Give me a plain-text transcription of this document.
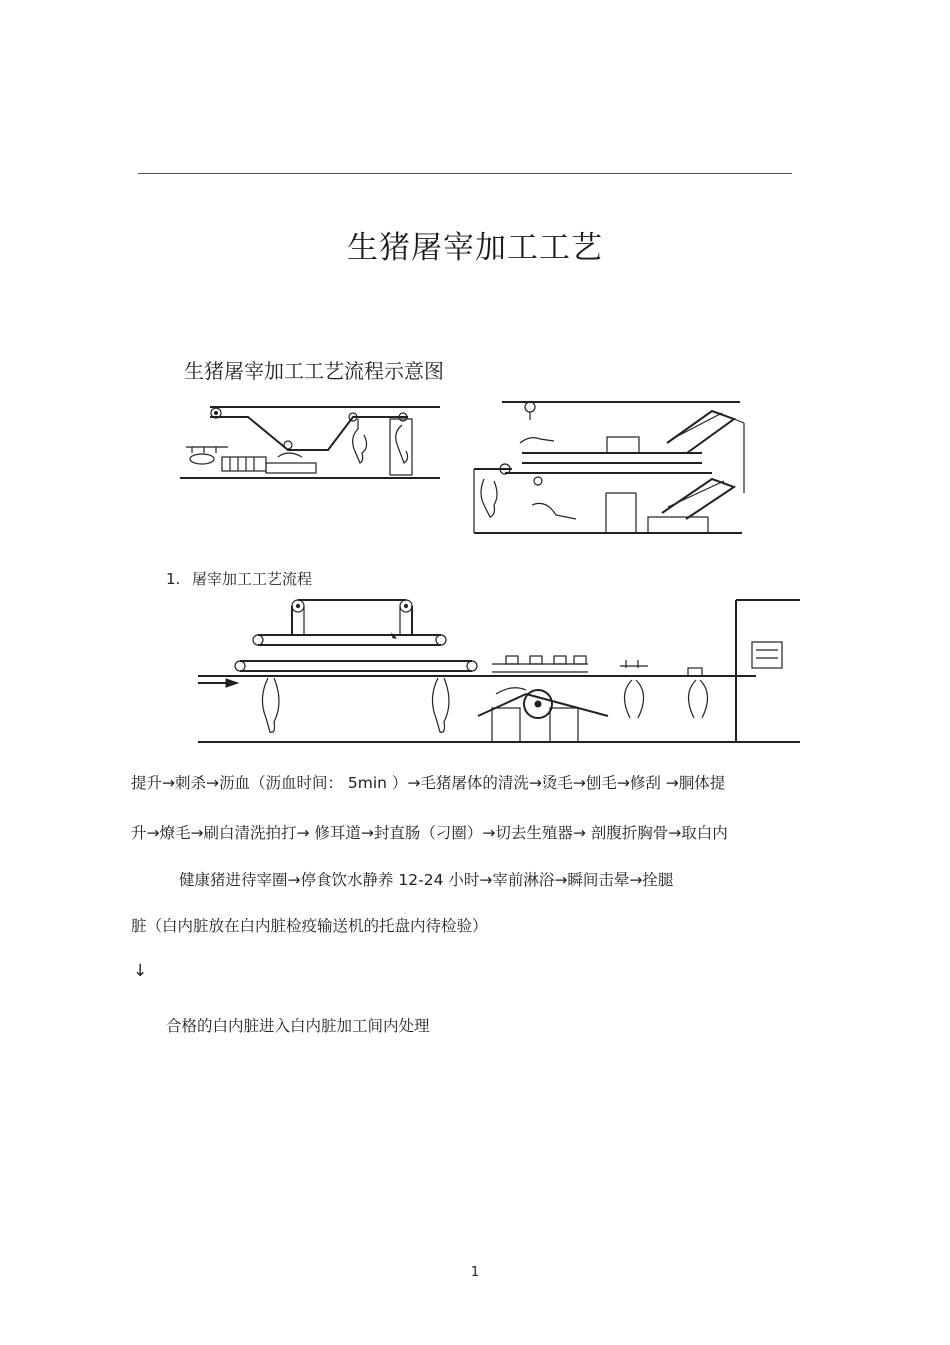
生猪屠宰加工工艺
生猪屠宰加工工艺流程示意图
1. 屠宰加工工艺流程
提升→刺杀→沥血（沥血时间： 5min ）→毛猪屠体的清洗→烫毛→刨毛→修刮 →胴体提
升→燎毛→刷白清洗拍打→ 修耳道→封直肠（刁圈）→切去生殖器→ 剖腹折胸骨→取白内
健康猪进待宰圈→停食饮水静养 12-24 小时→宰前淋浴→瞬间击晕→拴腿
脏（白内脏放在白内脏检疫输送机的托盘内待检验）
↓
合格的白内脏进入白内脏加工间内处理
1
